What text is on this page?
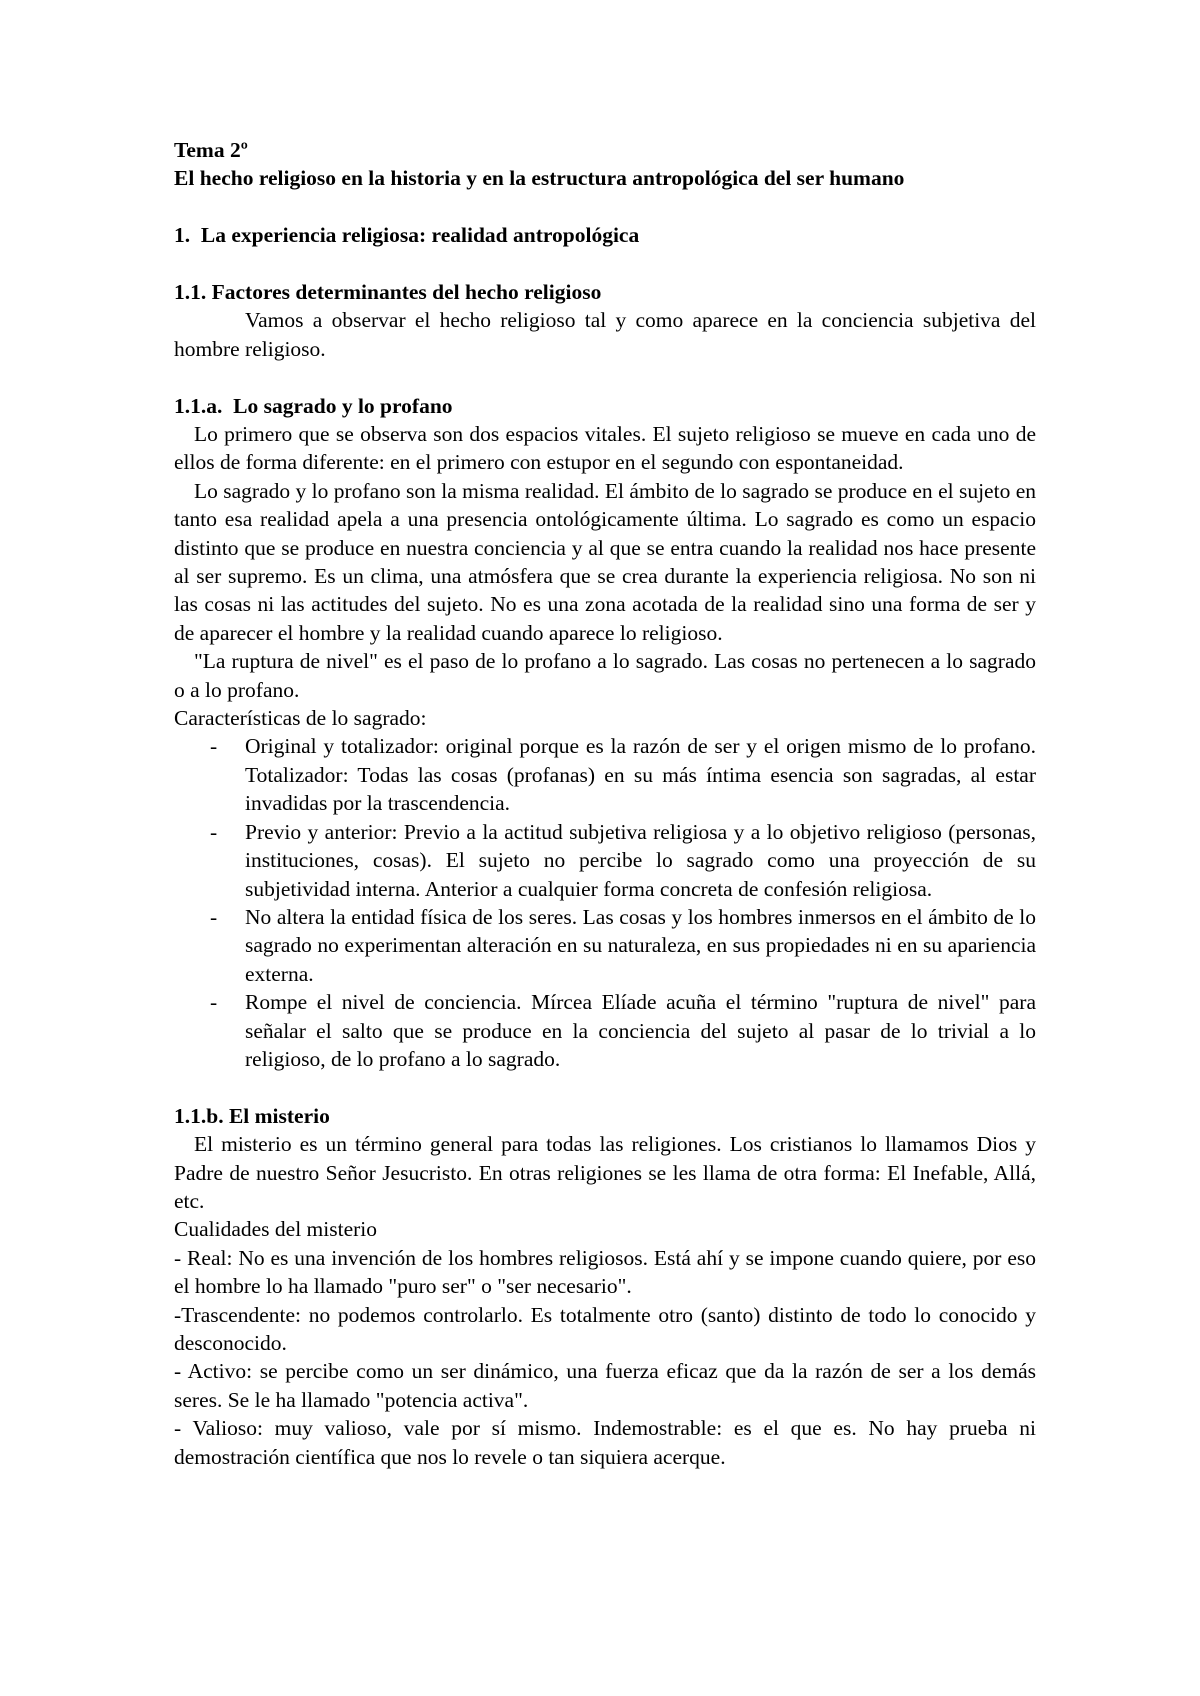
Tema 2º

El hecho religioso en la historia y en la estructura antropológica del ser humano

1. La experiencia religiosa: realidad antropológica

1.1. Factores determinantes del hecho religioso

Vamos a observar el hecho religioso tal y como aparece en la conciencia subjetiva del hombre religioso.

1.1.a. Lo sagrado y lo profano

Lo primero que se observa son dos espacios vitales. El sujeto religioso se mueve en cada uno de ellos de forma diferente: en el primero con estupor en el segundo con espontaneidad.

Lo sagrado y lo profano son la misma realidad. El ámbito de lo sagrado se produce en el sujeto en tanto esa realidad apela a una presencia ontológicamente última. Lo sagrado es como un espacio distinto que se produce en nuestra conciencia y al que se entra cuando la realidad nos hace presente al ser supremo. Es un clima, una atmósfera que se crea durante la experiencia religiosa. No son ni las cosas ni las actitudes del sujeto. No es una zona acotada de la realidad sino una forma de ser y de aparecer el hombre y la realidad cuando aparece lo religioso.

"La ruptura de nivel" es el paso de lo profano a lo sagrado. Las cosas no pertenecen a lo sagrado o a lo profano.

Características de lo sagrado:

- Original y totalizador: original porque es la razón de ser y el origen mismo de lo profano. Totalizador: Todas las cosas (profanas) en su más íntima esencia son sagradas, al estar invadidas por la trascendencia.
- Previo y anterior: Previo a la actitud subjetiva religiosa y a lo objetivo religioso (personas, instituciones, cosas). El sujeto no percibe lo sagrado como una proyección de su subjetividad interna. Anterior a cualquier forma concreta de confesión religiosa.
- No altera la entidad física de los seres. Las cosas y los hombres inmersos en el ámbito de lo sagrado no experimentan alteración en su naturaleza, en sus propiedades ni en su apariencia externa.
- Rompe el nivel de conciencia. Mírcea Elíade acuña el término "ruptura de nivel" para señalar el salto que se produce en la conciencia del sujeto al pasar de lo trivial a lo religioso, de lo profano a lo sagrado.

1.1.b. El misterio

El misterio es un término general para todas las religiones. Los cristianos lo llamamos Dios y Padre de nuestro Señor Jesucristo. En otras religiones se les llama de otra forma: El Inefable, Allá, etc.

Cualidades del misterio

- Real: No es una invención de los hombres religiosos. Está ahí y se impone cuando quiere, por eso el hombre lo ha llamado "puro ser" o "ser necesario".

-Trascendente: no podemos controlarlo. Es totalmente otro (santo) distinto de todo lo conocido y desconocido.

- Activo: se percibe como un ser dinámico, una fuerza eficaz que da la razón de ser a los demás seres. Se le ha llamado "potencia activa".

- Valioso: muy valioso, vale por sí mismo. Indemostrable: es el que es. No hay prueba ni demostración científica que nos lo revele o tan siquiera acerque.
